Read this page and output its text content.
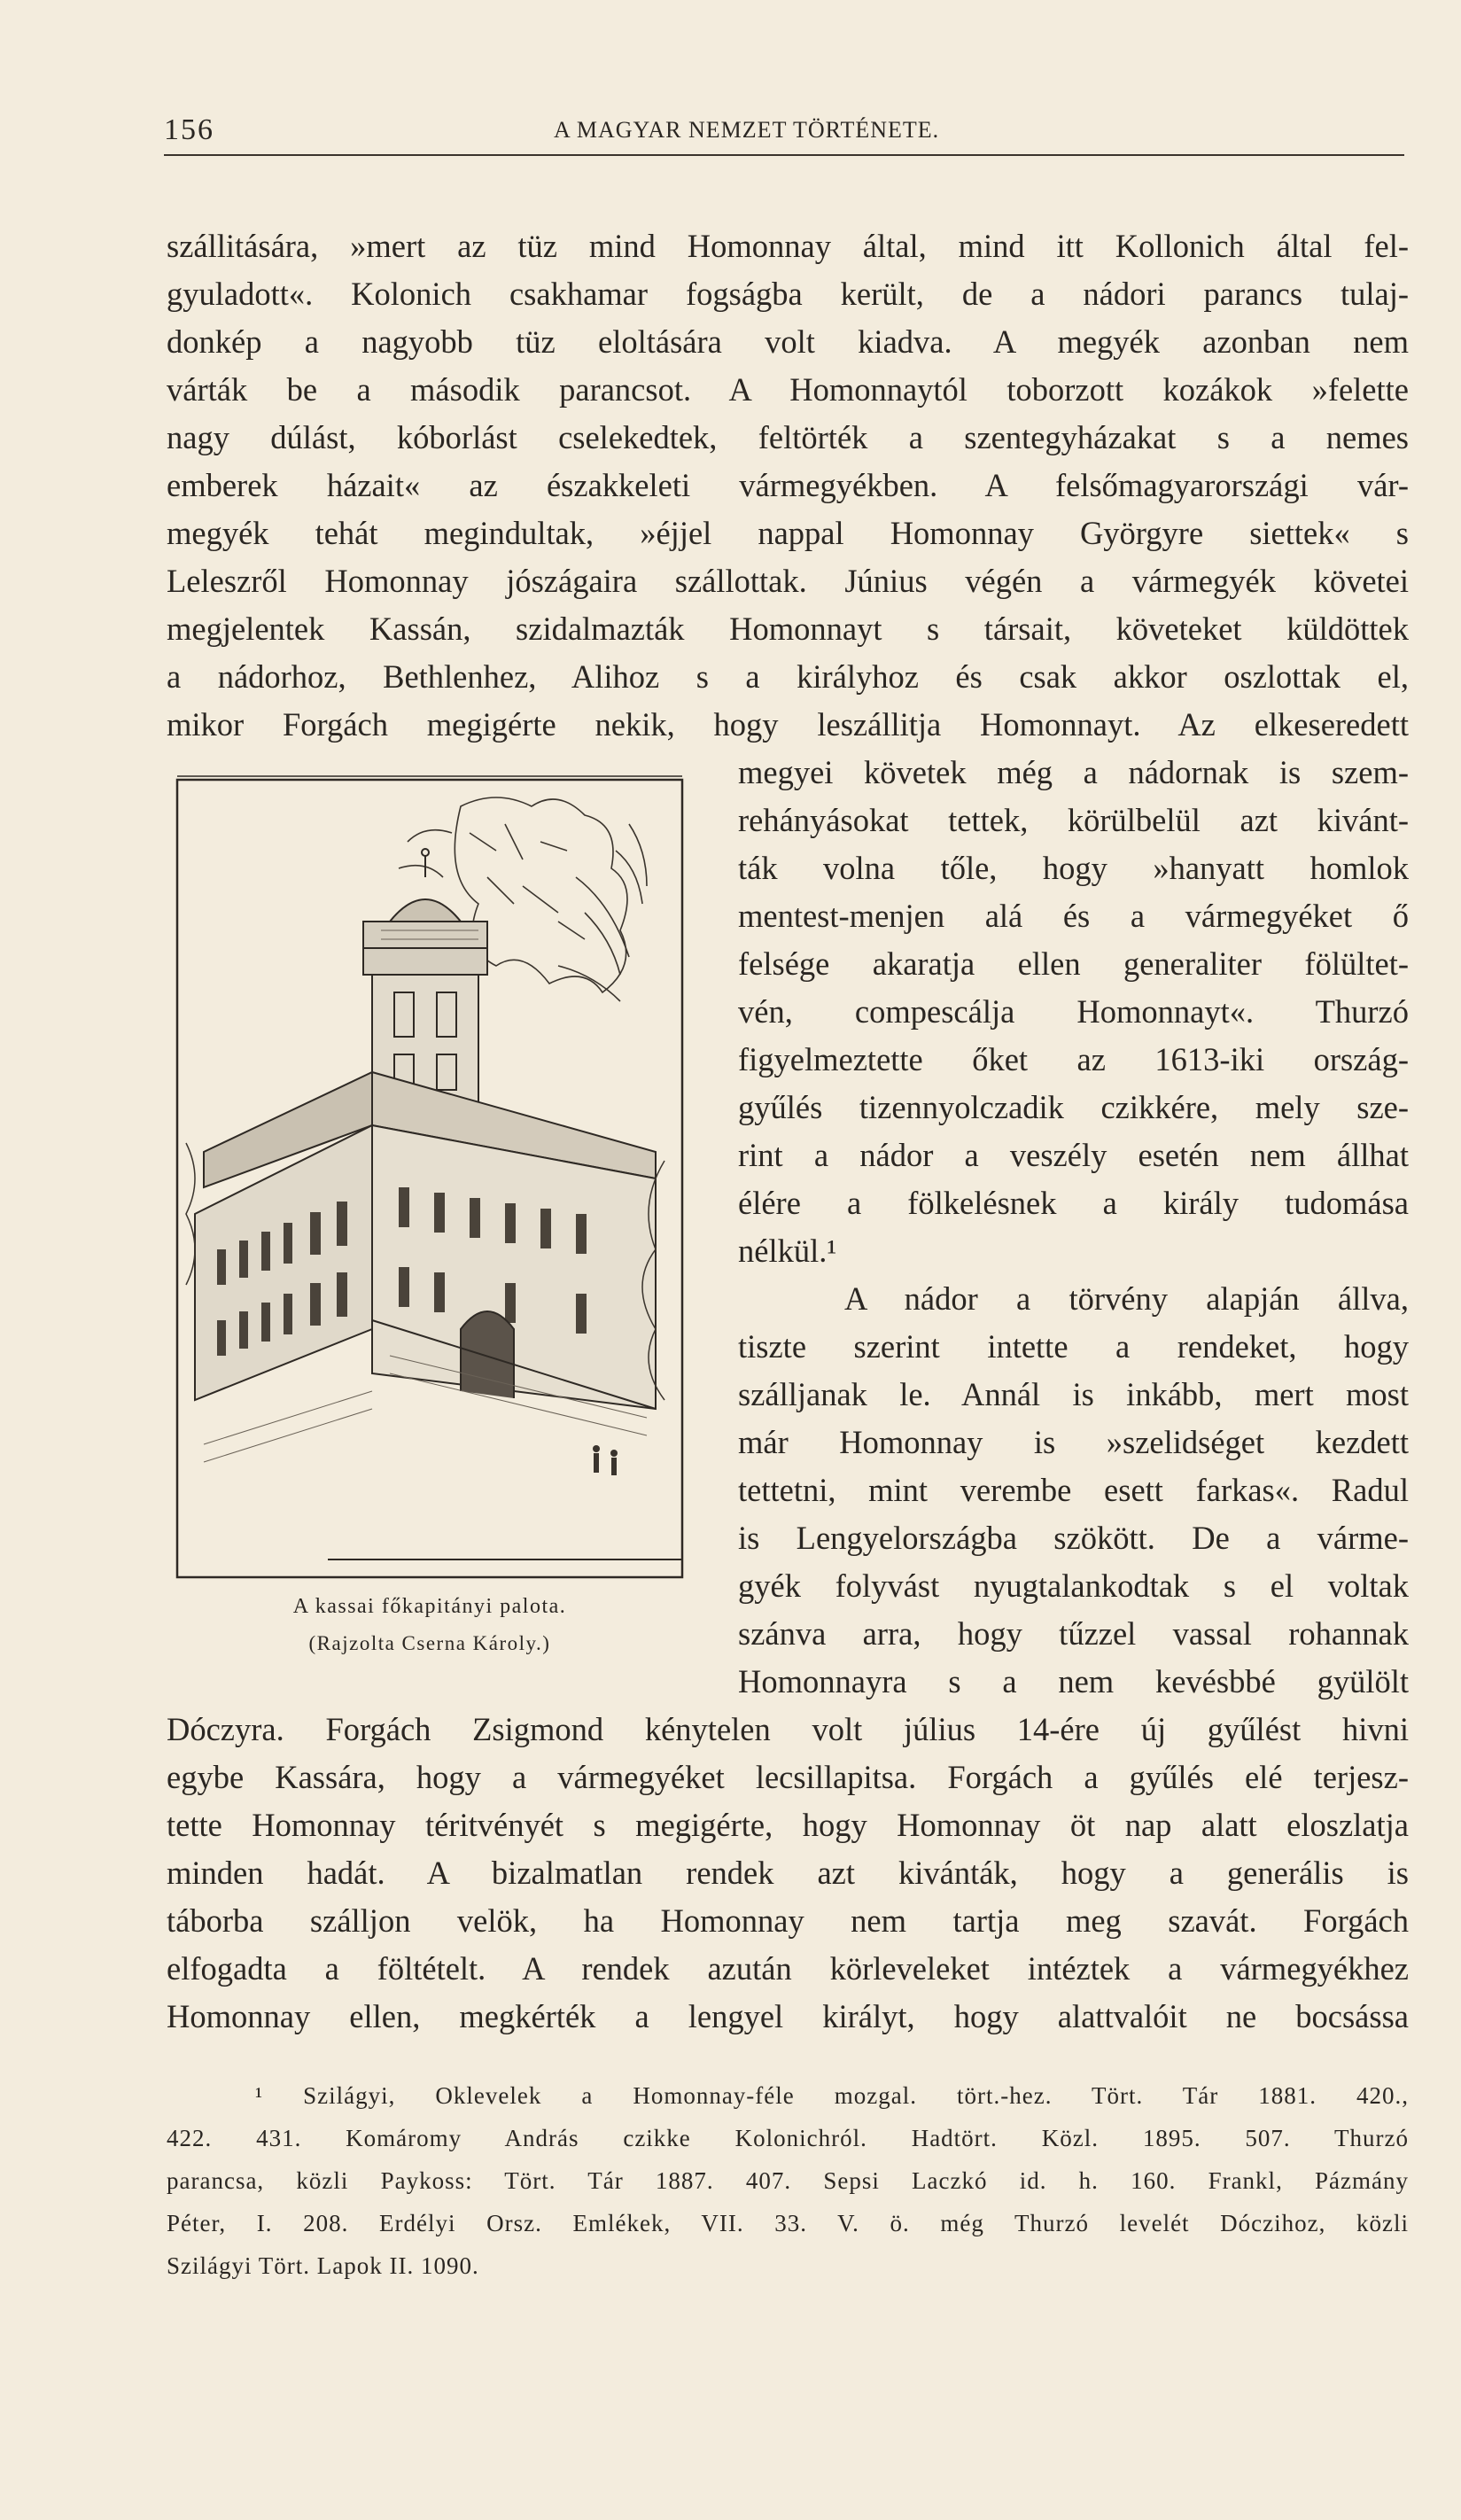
156	A MAGYAR NEMZET TÖRTÉNETE.
szállitására, »mert az tüz mind Homonnay által, mind itt Kollonich által fel-
gyuladott«. Kolonich csakhamar fogságba került, de a nádori parancs tulaj-
donkép a nagyobb tüz eloltására volt kiadva. A megyék azonban nem
várták be a második parancsot. A Homonnaytól toborzott kozákok »felette
nagy dúlást, kóborlást cselekedtek, feltörték a szentegyházakat s a nemes
emberek házait« az északkeleti vármegyékben. A felsőmagyarországi vár-
megyék tehát megindultak, »éjjel nappal Homonnay Györgyre siettek« s
Leleszről Homonnay jószágaira szállottak. Június végén a vármegyék követei
megjelentek Kassán, szidalmazták Homonnayt s társait, követeket küldöttek
a nádorhoz, Bethlenhez, Alihoz s a királyhoz és csak akkor oszlottak el,
mikor Forgách megigérte nekik, hogy leszállitja Homonnayt. Az elkeseredett
A kassai főkapitányi palota.
(Rajzolta Cserna Károly.)
megyei követek még a nádornak is szem-
rehányásokat tettek, körülbelül azt kivánt-
ták volna tőle, hogy »hanyatt homlok
mentest-menjen alá és a vármegyéket ő
felsége akaratja ellen generaliter fölültet-
vén, compescálja Homonnayt«. Thurzó
figyelmeztette őket az 1613-iki ország-
gyűlés tizennyolczadik czikkére, mely sze-
rint a nádor a veszély esetén nem állhat
élére a fölkelésnek a király tudomása
nélkül.¹
A nádor a törvény alapján állva,
tiszte szerint intette a rendeket, hogy
szálljanak le. Annál is inkább, mert most
már Homonnay is »szelidséget kezdett
tettetni, mint verembe esett farkas«. Radul
is Lengyelországba szökött. De a várme-
gyék folyvást nyugtalankodtak s el voltak
szánva arra, hogy tűzzel vassal rohannak
Homonnayra s a nem kevésbbé gyülölt
Dóczyra. Forgách Zsigmond kénytelen volt július 14-ére új gyűlést hivni
egybe Kassára, hogy a vármegyéket lecsillapitsa. Forgách a gyűlés elé terjesz-
tette Homonnay téritvényét s megigérte, hogy Homonnay öt nap alatt eloszlatja
minden hadát. A bizalmatlan rendek azt kivánták, hogy a generális is
táborba szálljon velök, ha Homonnay nem tartja meg szavát. Forgách
elfogadta a föltételt. A rendek azután körleveleket intéztek a vármegyékhez
Homonnay ellen, megkérték a lengyel királyt, hogy alattvalóit ne bocsássa
¹ Szilágyi, Oklevelek a Homonnay-féle mozgal. tört.-hez. Tört. Tár 1881. 420.,
422. 431. Komáromy András czikke Kolonichról. Hadtört. Közl. 1895. 507. Thurzó
parancsa, közli Paykoss: Tört. Tár 1887. 407. Sepsi Laczkó id. h. 160. Frankl, Pázmány
Péter, I. 208. Erdélyi Orsz. Emlékek, VII. 33. V. ö. még Thurzó levelét Dóczihoz, közli
Szilágyi Tört. Lapok II. 1090.
